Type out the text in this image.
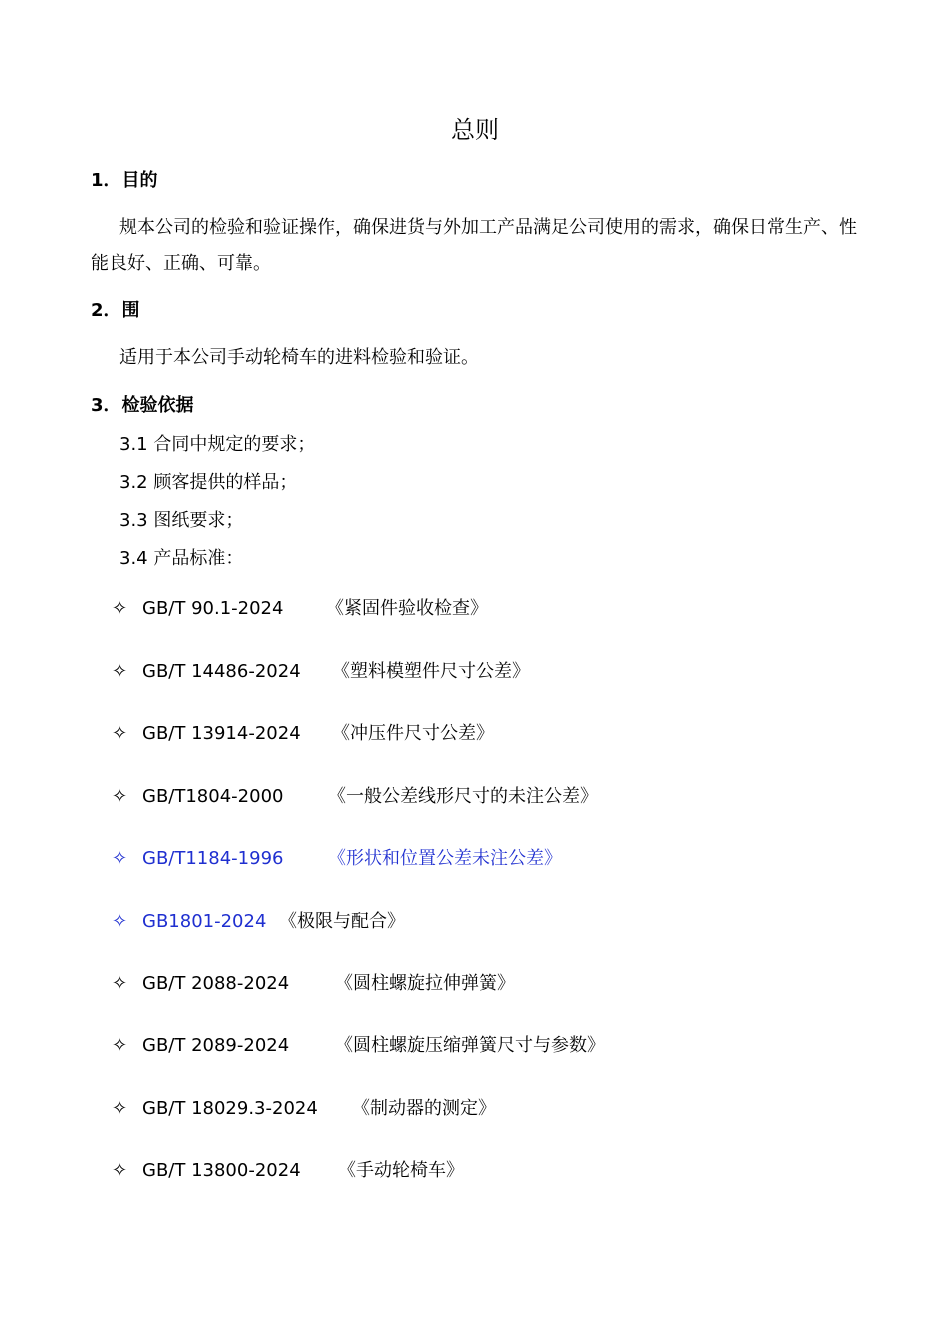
总则
1．目的
规本公司的检验和验证操作，确保进货与外加工产品满足公司使用的需求，确保日常生产、性能良好、正确、可靠。
2．围
适用于本公司手动轮椅车的进料检验和验证。
3．检验依据
3.1 合同中规定的要求；
3.2 顾客提供的样品；
3.3 图纸要求；
3.4 产品标准：
✧ GB/T 90.1-2024	《紧固件验收检查》
✧ GB/T 14486-2024	《塑料模塑件尺寸公差》
✧ GB/T 13914-2024	《冲压件尺寸公差》
✧ GB/T1804-2000	《一般公差线形尺寸的未注公差》
✧ GB/T1184-1996	《形状和位置公差未注公差》
✧ GB1801-2024 《极限与配合》
✧ GB/T 2088-2024	《圆柱螺旋拉伸弹簧》
✧ GB/T 2089-2024	《圆柱螺旋压缩弹簧尺寸与参数》
✧ GB/T 18029.3-2024	《制动器的测定》
✧ GB/T 13800-2024	《手动轮椅车》
